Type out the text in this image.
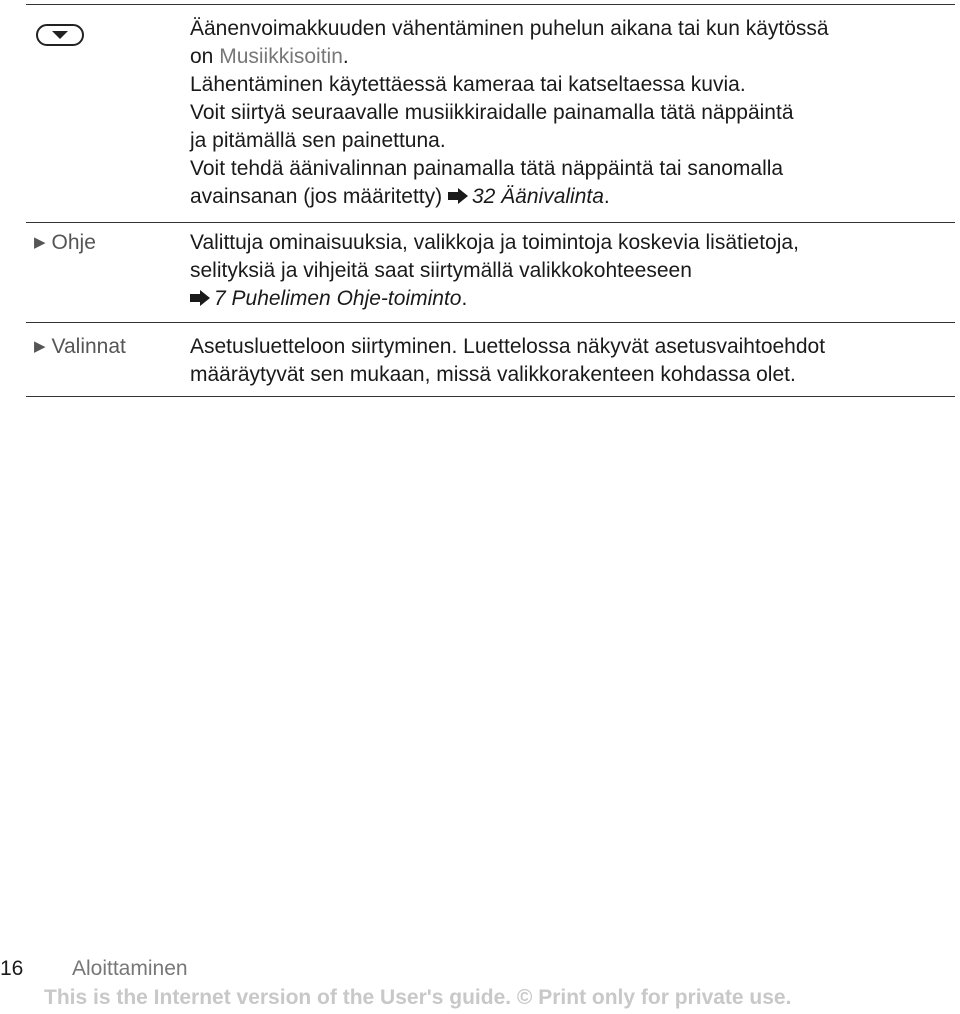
Äänenvoimakkuuden vähentäminen puhelun aikana tai kun käytössä

on Musiikkisoitin.

Lähentäminen käytettäessä kameraa tai katseltaessa kuvia.

Voit siirtyä seuraavalle musiikkiraidalle painamalla tätä näppäintä

ja pitämällä sen painettuna.

Voit tehdä äänivalinnan painamalla tätä näppäintä tai sanomalla

avainsanan (jos määritetty) 32 Äänivalinta.

▶ Ohje	Valittuja ominaisuuksia, valikkoja ja toimintoja koskevia lisätietoja,

selityksiä ja vihjeitä saat siirtymällä valikkokohteeseen

7 Puhelimen Ohje-toiminto.

▶ Valinnat	Asetusluetteloon siirtyminen. Luettelossa näkyvät asetusvaihtoehdot

määräytyvät sen mukaan, missä valikkorakenteen kohdassa olet.

16 Aloittaminen
This is the Internet version of the User's guide. © Print only for private use.
